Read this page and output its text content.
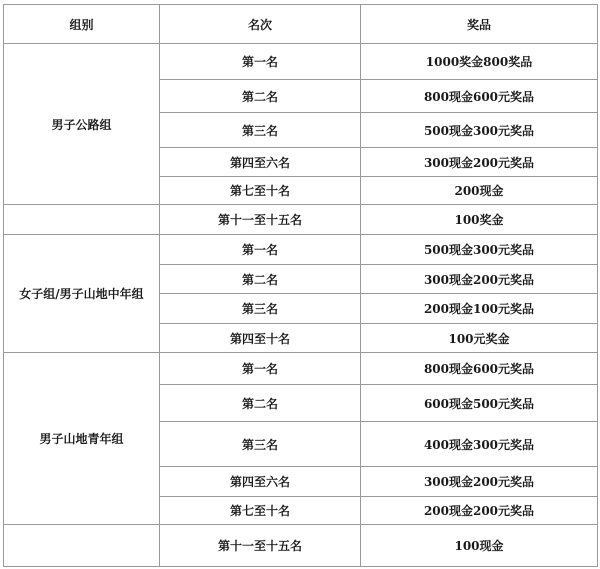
组别	名次	奖品
男子公路组	第一名	1000奖金800奖品
	第二名	800现金600元奖品
	第三名	500现金300元奖品
	第四至六名	300现金200元奖品
	第七至十名	200现金
	第十一至十五名	100奖金
女子组/男子山地中年组	第一名	500现金300元奖品
	第二名	300现金200元奖品
	第三名	200现金100元奖品
	第四至十名	100元奖金
男子山地青年组	第一名	800现金600元奖品
	第二名	600现金500元奖品
	第三名	400现金300元奖品
	第四至六名	300现金200元奖品
	第七至十名	200现金200元奖品
	第十一至十五名	100现金
